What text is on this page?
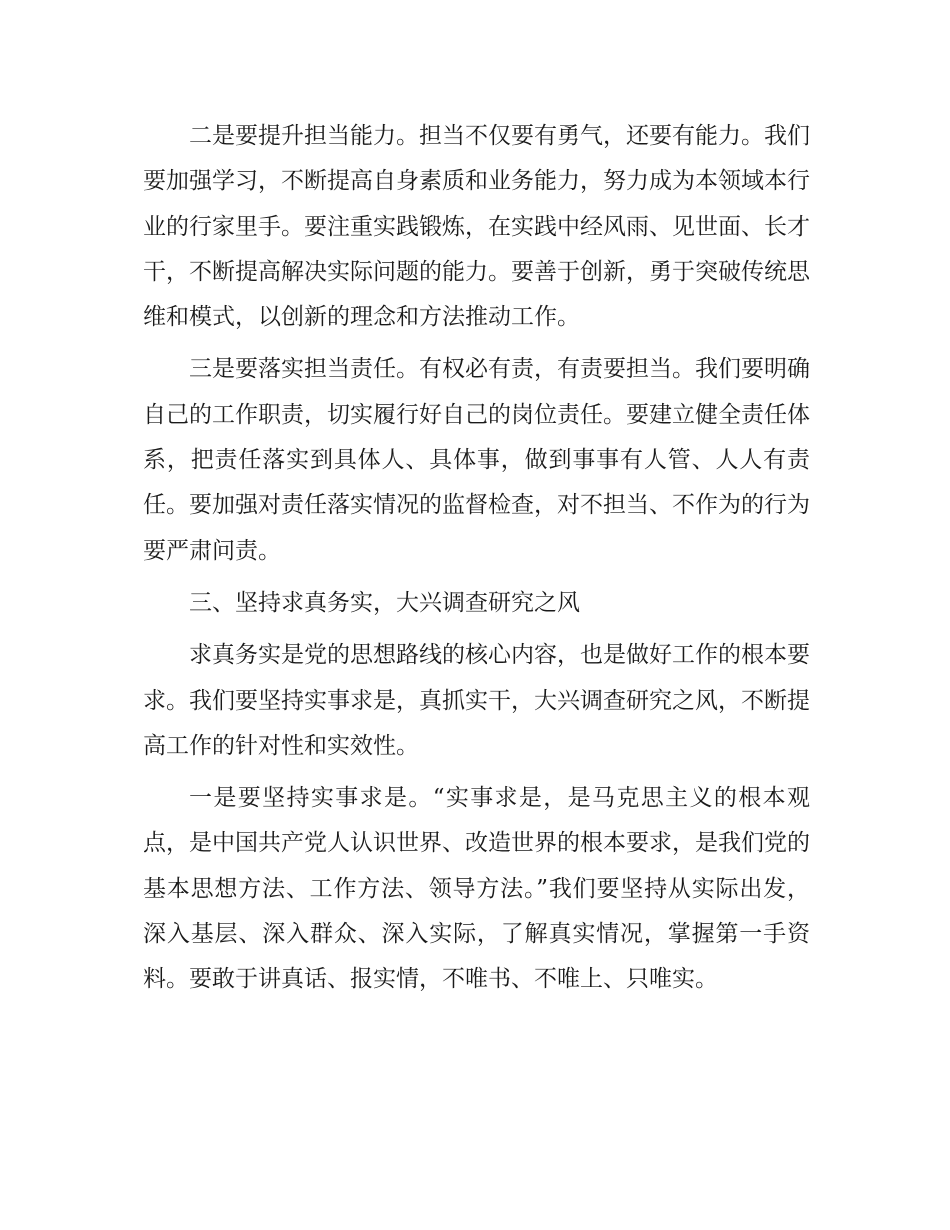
二是要提升担当能力。担当不仅要有勇气，还要有能力。我们要加强学习，不断提高自身素质和业务能力，努力成为本领域本行业的行家里手。要注重实践锻炼，在实践中经风雨、见世面、长才干，不断提高解决实际问题的能力。要善于创新，勇于突破传统思维和模式，以创新的理念和方法推动工作。

三是要落实担当责任。有权必有责，有责要担当。我们要明确自己的工作职责，切实履行好自己的岗位责任。要建立健全责任体系，把责任落实到具体人、具体事，做到事事有人管、人人有责任。要加强对责任落实情况的监督检查，对不担当、不作为的行为要严肃问责。

三、坚持求真务实，大兴调查研究之风

求真务实是党的思想路线的核心内容，也是做好工作的根本要求。我们要坚持实事求是，真抓实干，大兴调查研究之风，不断提高工作的针对性和实效性。

一是要坚持实事求是。“实事求是，是马克思主义的根本观点，是中国共产党人认识世界、改造世界的根本要求，是我们党的基本思想方法、工作方法、领导方法。”我们要坚持从实际出发，深入基层、深入群众、深入实际，了解真实情况，掌握第一手资料。要敢于讲真话、报实情，不唯书、不唯上、只唯实。
